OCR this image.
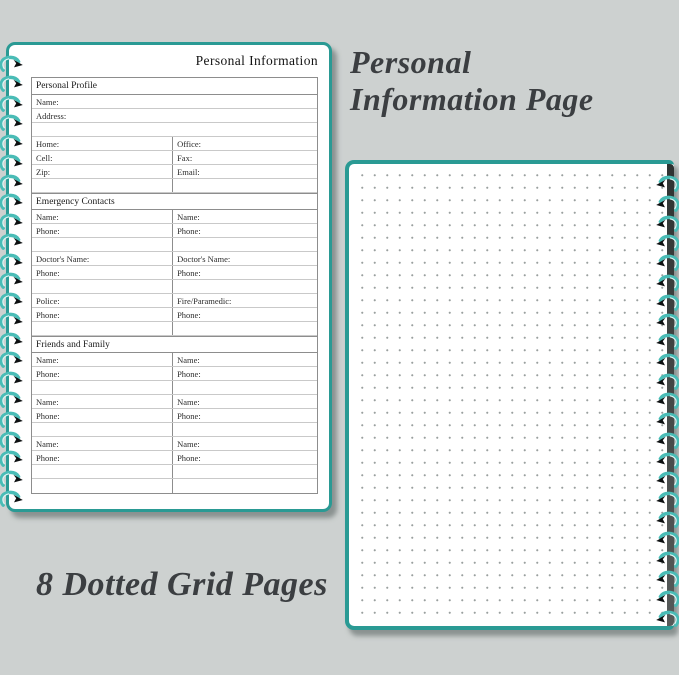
Personal Information
Personal Profile
Name:
Address:
Home:	Office:
Cell:	Fax:
Zip:	Email:
Emergency Contacts
Name:	Name:
Phone:	Phone:
Doctor's Name:	Doctor's Name:
Phone:	Phone:
Police:	Fire/Paramedic:
Phone:	Phone:
Friends and Family
Name:	Name:
Phone:	Phone:
Name:	Name:
Phone:	Phone:
Name:	Name:
Phone:	Phone:
Personal
Information Page
8 Dotted Grid Pages
